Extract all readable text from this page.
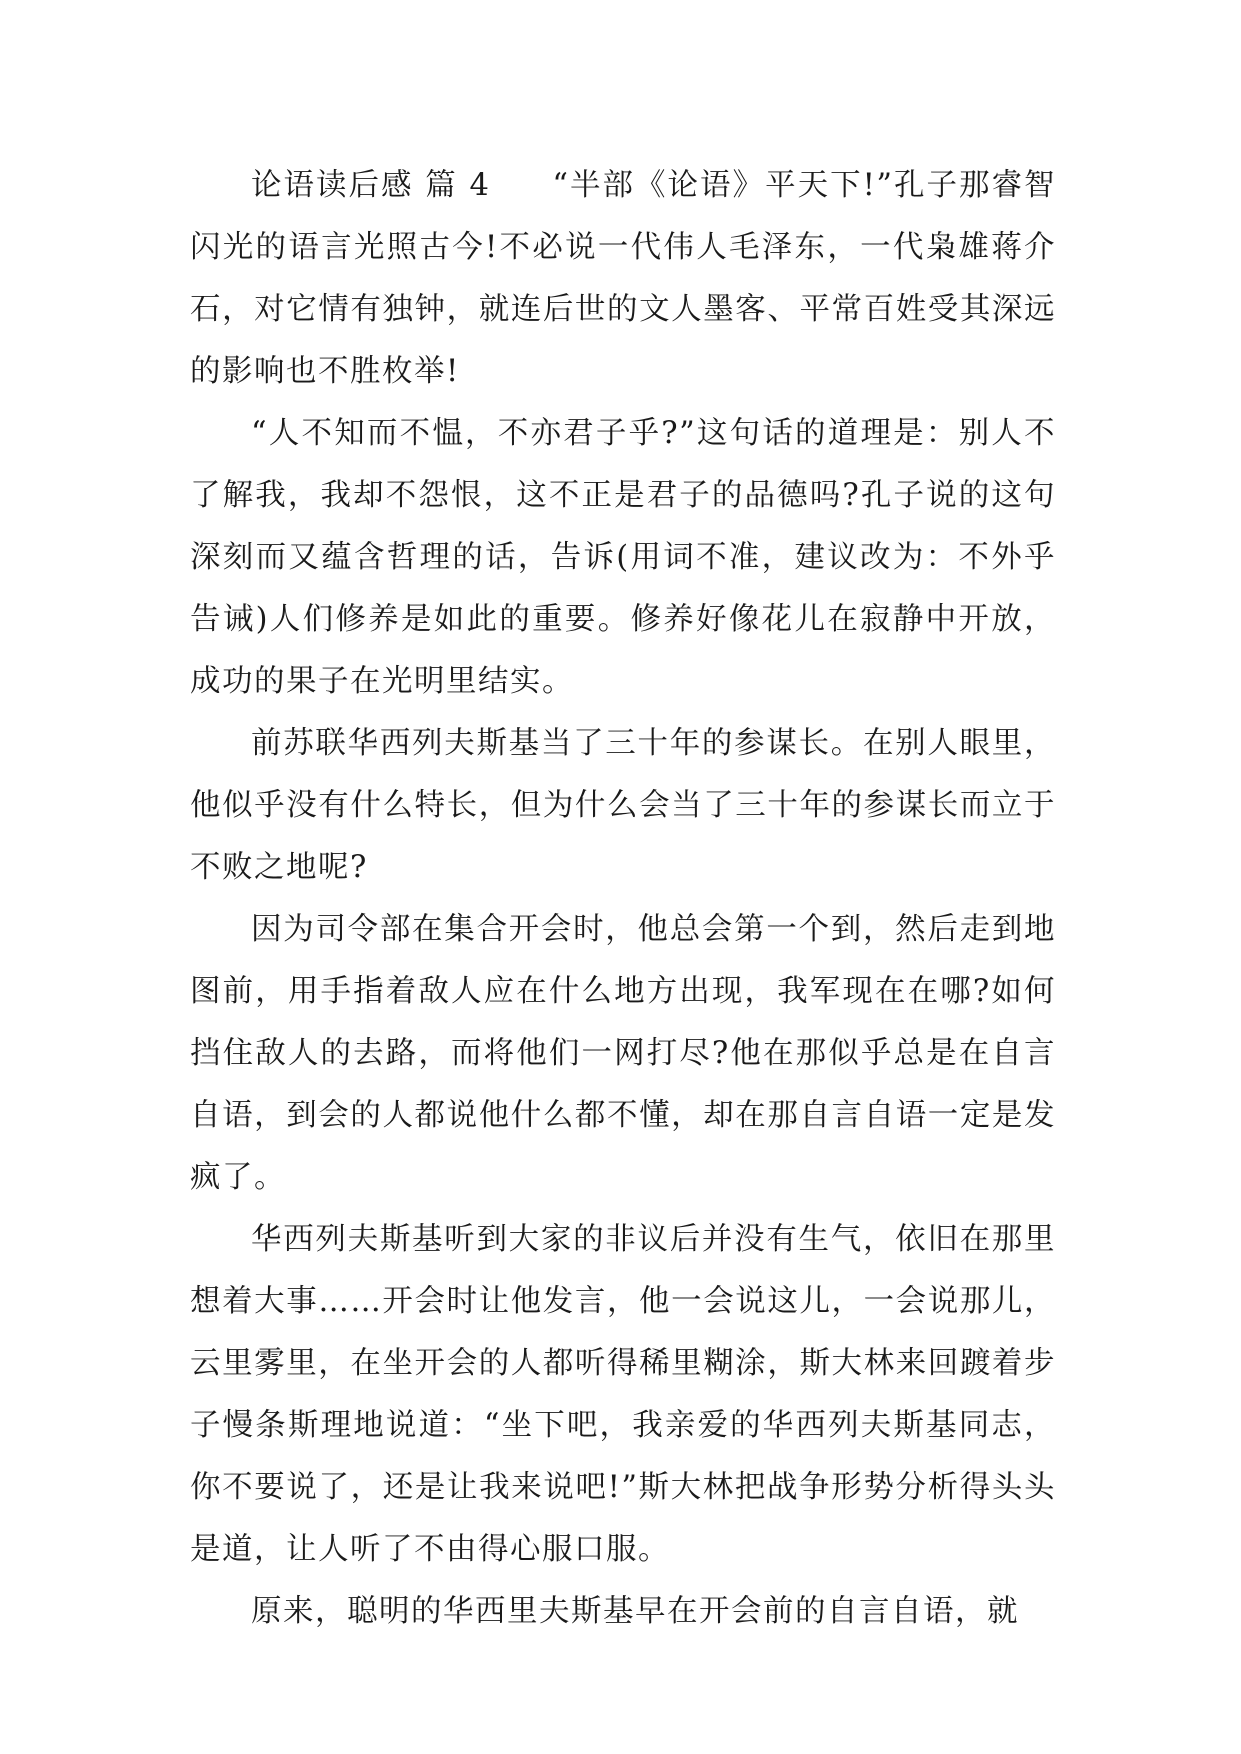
论语读后感 篇 4 “半部《论语》平天下!”孔子那睿智闪光的语言光照古今!不必说一代伟人毛泽东，一代枭雄蒋介石，对它情有独钟，就连后世的文人墨客、平常百姓受其深远的影响也不胜枚举!

“人不知而不愠，不亦君子乎?”这句话的道理是：别人不了解我，我却不怨恨，这不正是君子的品德吗?孔子说的这句深刻而又蕴含哲理的话，告诉(用词不准，建议改为：不外乎告诫)人们修养是如此的重要。修养好像花儿在寂静中开放，成功的果子在光明里结实。

前苏联华西列夫斯基当了三十年的参谋长。在别人眼里，他似乎没有什么特长，但为什么会当了三十年的参谋长而立于不败之地呢?

因为司令部在集合开会时，他总会第一个到，然后走到地图前，用手指着敌人应在什么地方出现，我军现在在哪?如何挡住敌人的去路，而将他们一网打尽?他在那似乎总是在自言自语，到会的人都说他什么都不懂，却在那自言自语一定是发疯了。

华西列夫斯基听到大家的非议后并没有生气，依旧在那里想着大事……开会时让他发言，他一会说这儿，一会说那儿，云里雾里，在坐开会的人都听得稀里糊涂，斯大林来回踱着步子慢条斯理地说道：“坐下吧，我亲爱的华西列夫斯基同志，你不要说了，还是让我来说吧!”斯大林把战争形势分析得头头是道，让人听了不由得心服口服。

原来，聪明的华西里夫斯基早在开会前的自言自语，就
